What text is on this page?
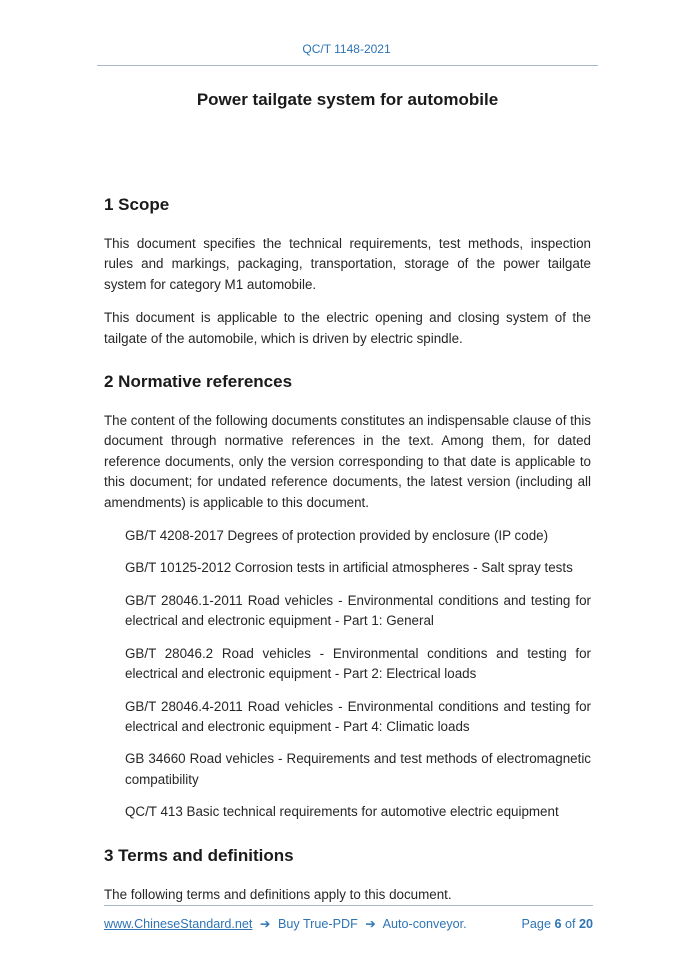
QC/T 1148-2021
Power tailgate system for automobile
1 Scope

This document specifies the technical requirements, test methods, inspection rules and markings, packaging, transportation, storage of the power tailgate system for category M1 automobile.

This document is applicable to the electric opening and closing system of the tailgate of the automobile, which is driven by electric spindle.

2 Normative references

The content of the following documents constitutes an indispensable clause of this document through normative references in the text. Among them, for dated reference documents, only the version corresponding to that date is applicable to this document; for undated reference documents, the latest version (including all amendments) is applicable to this document.

GB/T 4208-2017 Degrees of protection provided by enclosure (IP code)

GB/T 10125-2012 Corrosion tests in artificial atmospheres - Salt spray tests

GB/T 28046.1-2011 Road vehicles - Environmental conditions and testing for electrical and electronic equipment - Part 1: General

GB/T 28046.2 Road vehicles - Environmental conditions and testing for electrical and electronic equipment - Part 2: Electrical loads

GB/T 28046.4-2011 Road vehicles - Environmental conditions and testing for electrical and electronic equipment - Part 4: Climatic loads

GB 34660 Road vehicles - Requirements and test methods of electromagnetic compatibility

QC/T 413 Basic technical requirements for automotive electric equipment

3 Terms and definitions

The following terms and definitions apply to this document.

www.ChineseStandard.net ➔ Buy True-PDF ➔ Auto-conveyor.	Page 6 of 20
